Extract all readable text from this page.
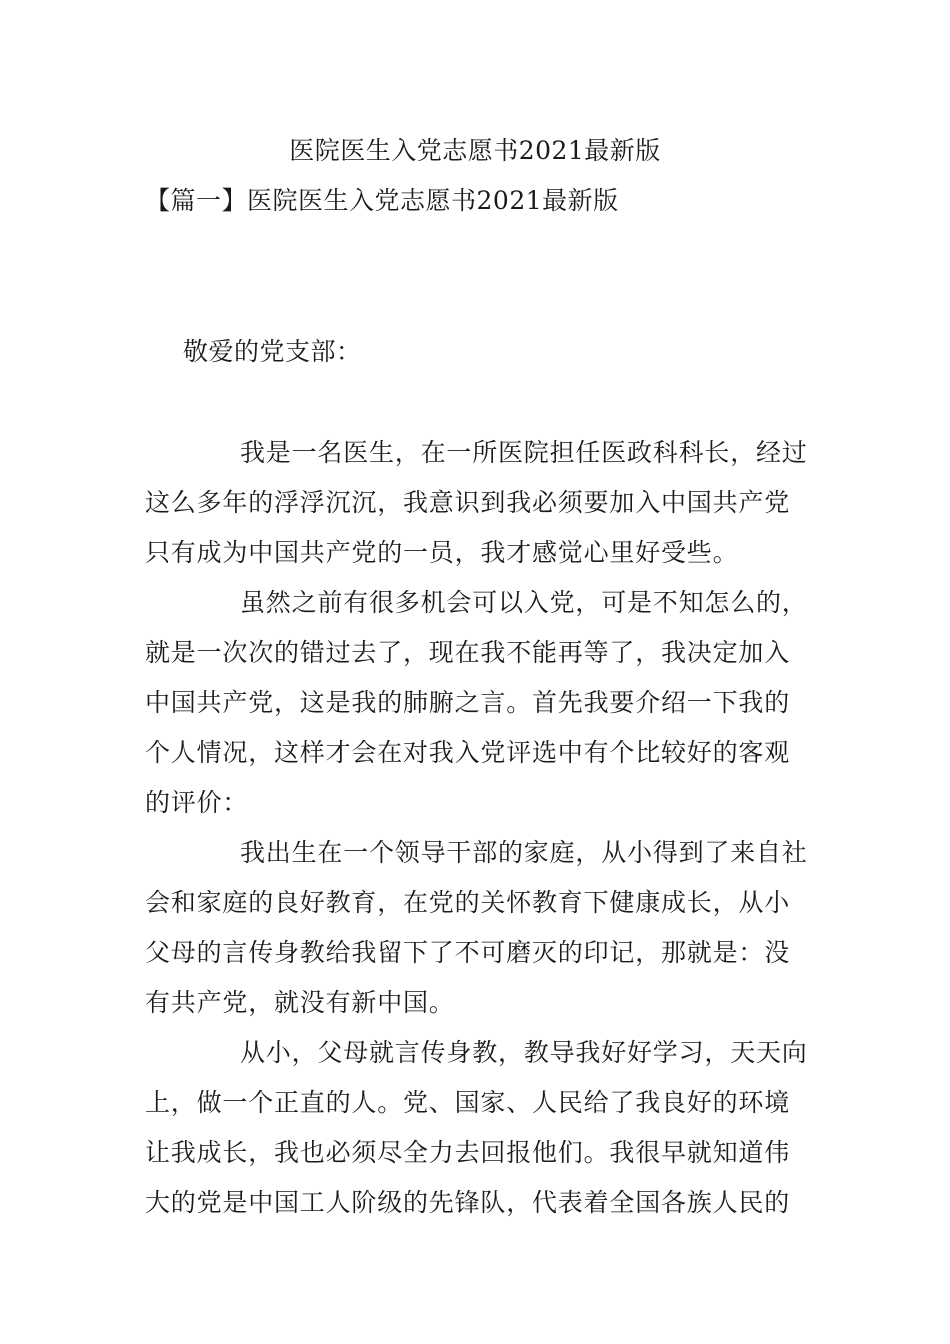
医院医生入党志愿书2021最新版
【篇一】医院医生入党志愿书2021最新版

敬爱的党支部：

我是一名医生，在一所医院担任医政科科长，经过
这么多年的浮浮沉沉，我意识到我必须要加入中国共产党
只有成为中国共产党的一员，我才感觉心里好受些。
虽然之前有很多机会可以入党，可是不知怎么的，
就是一次次的错过去了，现在我不能再等了，我决定加入
中国共产党，这是我的肺腑之言。首先我要介绍一下我的
个人情况，这样才会在对我入党评选中有个比较好的客观
的评价：
我出生在一个领导干部的家庭，从小得到了来自社
会和家庭的良好教育，在党的关怀教育下健康成长，从小
父母的言传身教给我留下了不可磨灭的印记，那就是：没
有共产党，就没有新中国。
从小，父母就言传身教，教导我好好学习，天天向
上，做一个正直的人。党、国家、人民给了我良好的环境
让我成长，我也必须尽全力去回报他们。我很早就知道伟
大的党是中国工人阶级的先锋队，代表着全国各族人民的
